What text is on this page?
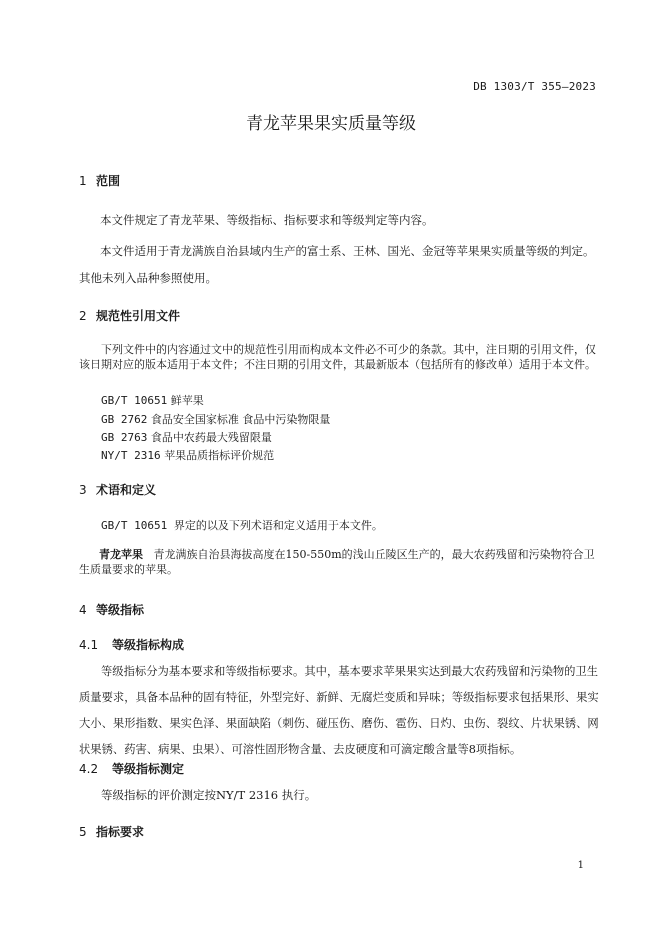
DB 1303/T 355—2023
青龙苹果果实质量等级
1 范围
本文件规定了青龙苹果、等级指标、指标要求和等级判定等内容。
本文件适用于青龙满族自治县域内生产的富士系、王林、国光、金冠等苹果果实质量等级的判定。
其他未列入品种参照使用。
2 规范性引用文件
下列文件中的内容通过文中的规范性引用而构成本文件必不可少的条款。其中，注日期的引用文件，仅该日期对应的版本适用于本文件；不注日期的引用文件，其最新版本（包括所有的修改单）适用于本文件。
GB/T 10651 鲜苹果
GB 2762 食品安全国家标准 食品中污染物限量
GB 2763 食品中农药最大残留限量
NY/T 2316 苹果品质指标评价规范
3 术语和定义
GB/T 10651 界定的以及下列术语和定义适用于本文件。
青龙苹果 青龙满族自治县海拔高度在150-550m的浅山丘陵区生产的，最大农药残留和污染物符合卫生质量要求的苹果。
4 等级指标
4.1 等级指标构成
等级指标分为基本要求和等级指标要求。其中，基本要求苹果果实达到最大农药残留和污染物的卫生质量要求，具备本品种的固有特征，外型完好、新鲜、无腐烂变质和异味；等级指标要求包括果形、果实大小、果形指数、果实色泽、果面缺陷（刺伤、碰压伤、磨伤、雹伤、日灼、虫伤、裂纹、片状果锈、网状果锈、药害、病果、虫果）、可溶性固形物含量、去皮硬度和可滴定酸含量等8项指标。
4.2 等级指标测定
等级指标的评价测定按NY/T 2316 执行。
5 指标要求
1
